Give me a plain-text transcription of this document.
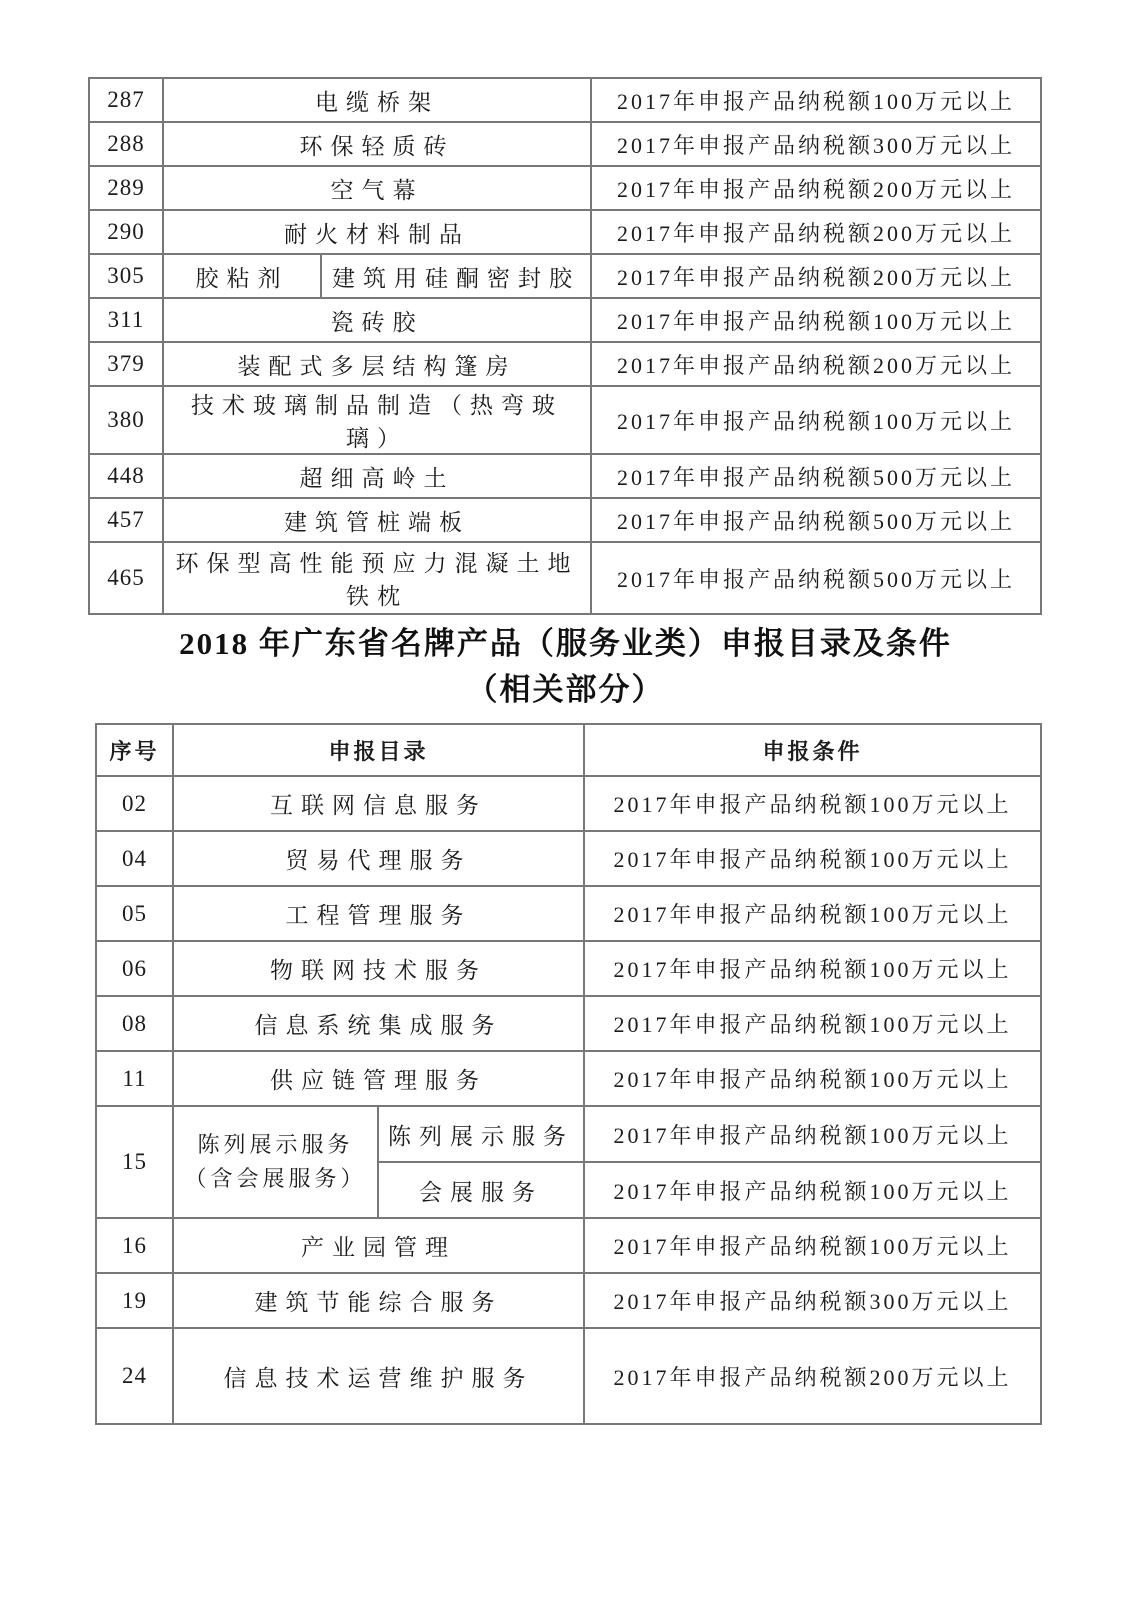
287	电缆桥架		2017年申报产品纳税额100万元以上
288	环保轻质砖		2017年申报产品纳税额300万元以上
289	空气幕		2017年申报产品纳税额200万元以上
290	耐火材料制品		2017年申报产品纳税额200万元以上
305	胶粘剂	建筑用硅酮密封胶	2017年申报产品纳税额200万元以上
311	瓷砖胶		2017年申报产品纳税额100万元以上
379	装配式多层结构篷房		2017年申报产品纳税额200万元以上
380	技术玻璃制品制造（热弯玻璃）		2017年申报产品纳税额100万元以上
448	超细高岭土		2017年申报产品纳税额500万元以上
457	建筑管桩端板		2017年申报产品纳税额500万元以上
465	环保型高性能预应力混凝土地铁枕		2017年申报产品纳税额500万元以上
2018 年广东省名牌产品（服务业类）申报目录及条件
（相关部分）
序号	申报目录		申报条件
02	互联网信息服务		2017年申报产品纳税额100万元以上
04	贸易代理服务		2017年申报产品纳税额100万元以上
05	工程管理服务		2017年申报产品纳税额100万元以上
06	物联网技术服务		2017年申报产品纳税额100万元以上
08	信息系统集成服务		2017年申报产品纳税额100万元以上
11	供应链管理服务		2017年申报产品纳税额100万元以上
15	陈列展示服务（含会展服务）	陈列展示服务	2017年申报产品纳税额100万元以上
		会展服务	2017年申报产品纳税额100万元以上
16	产业园管理		2017年申报产品纳税额100万元以上
19	建筑节能综合服务		2017年申报产品纳税额300万元以上
24	信息技术运营维护服务		2017年申报产品纳税额200万元以上
